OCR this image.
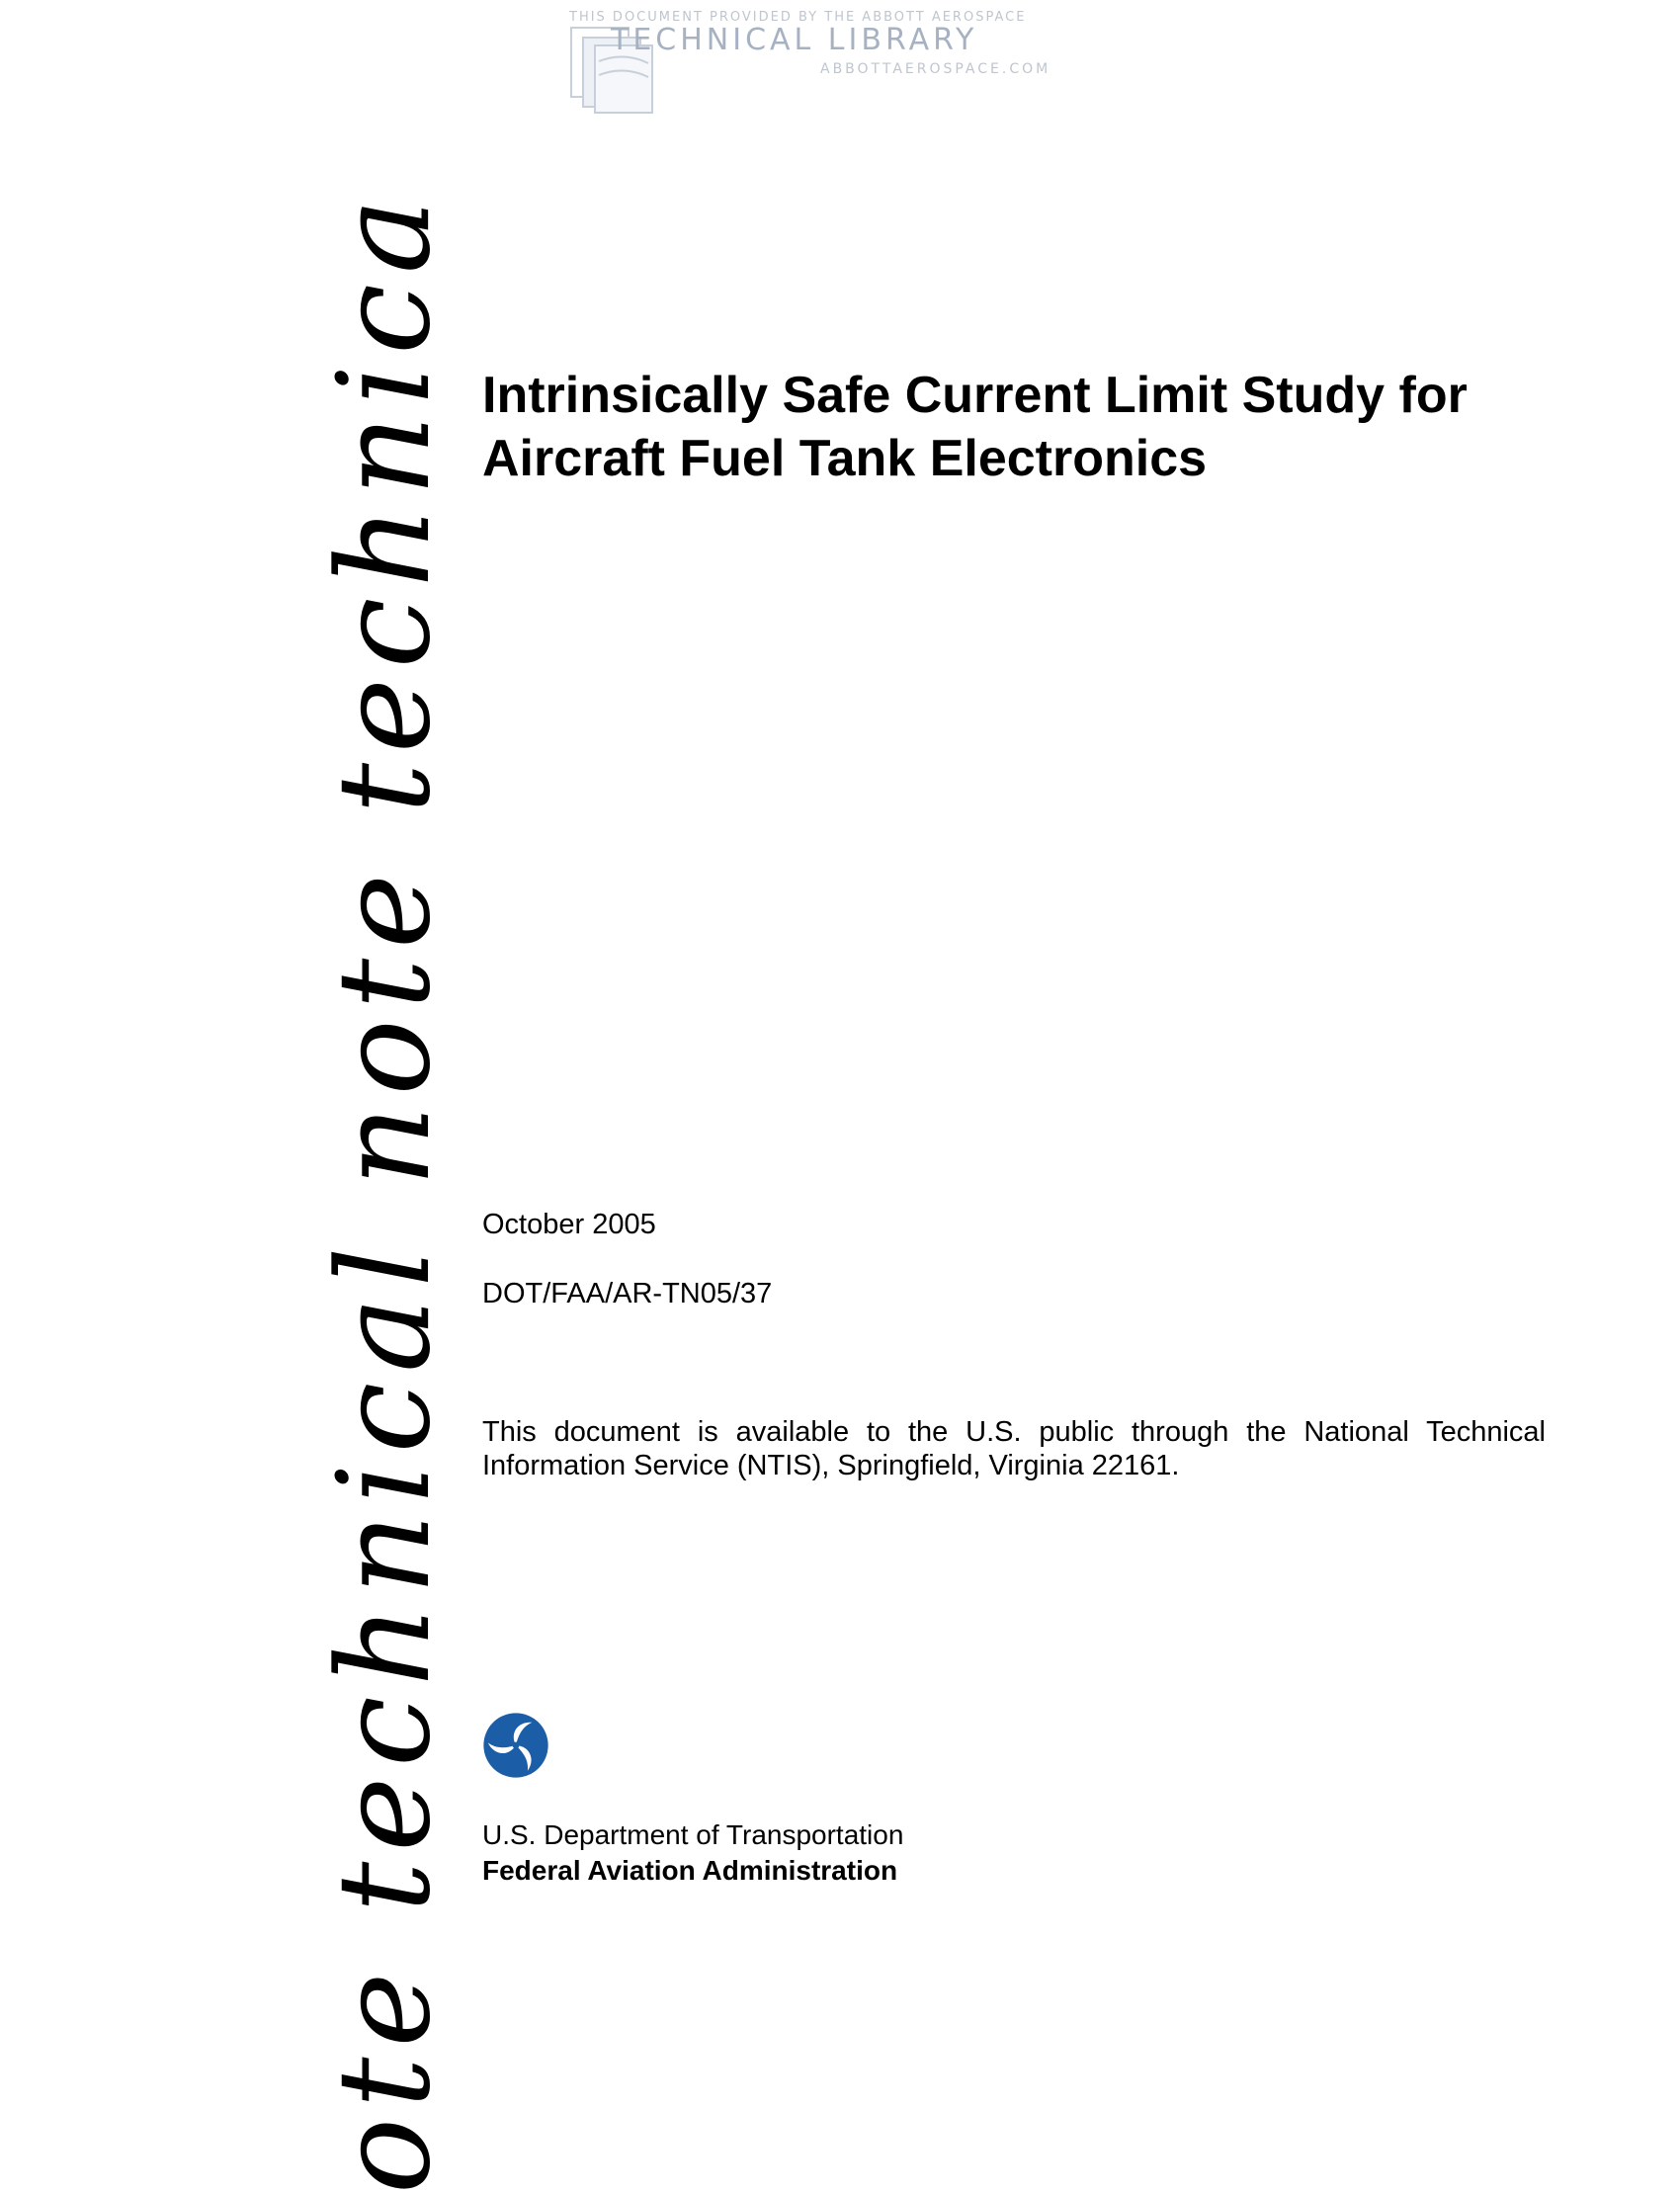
ote technical note technica
THIS DOCUMENT PROVIDED BY THE ABBOTT AEROSPACE
TECHNICAL LIBRARY
ABBOTTAEROSPACE.COM
Intrinsically Safe Current Limit Study for Aircraft Fuel Tank Electronics
October 2005
DOT/FAA/AR-TN05/37
This document is available to the U.S. public through the National Technical Information Service (NTIS), Springfield, Virginia 22161.
U.S. Department of Transportation
Federal Aviation Administration
